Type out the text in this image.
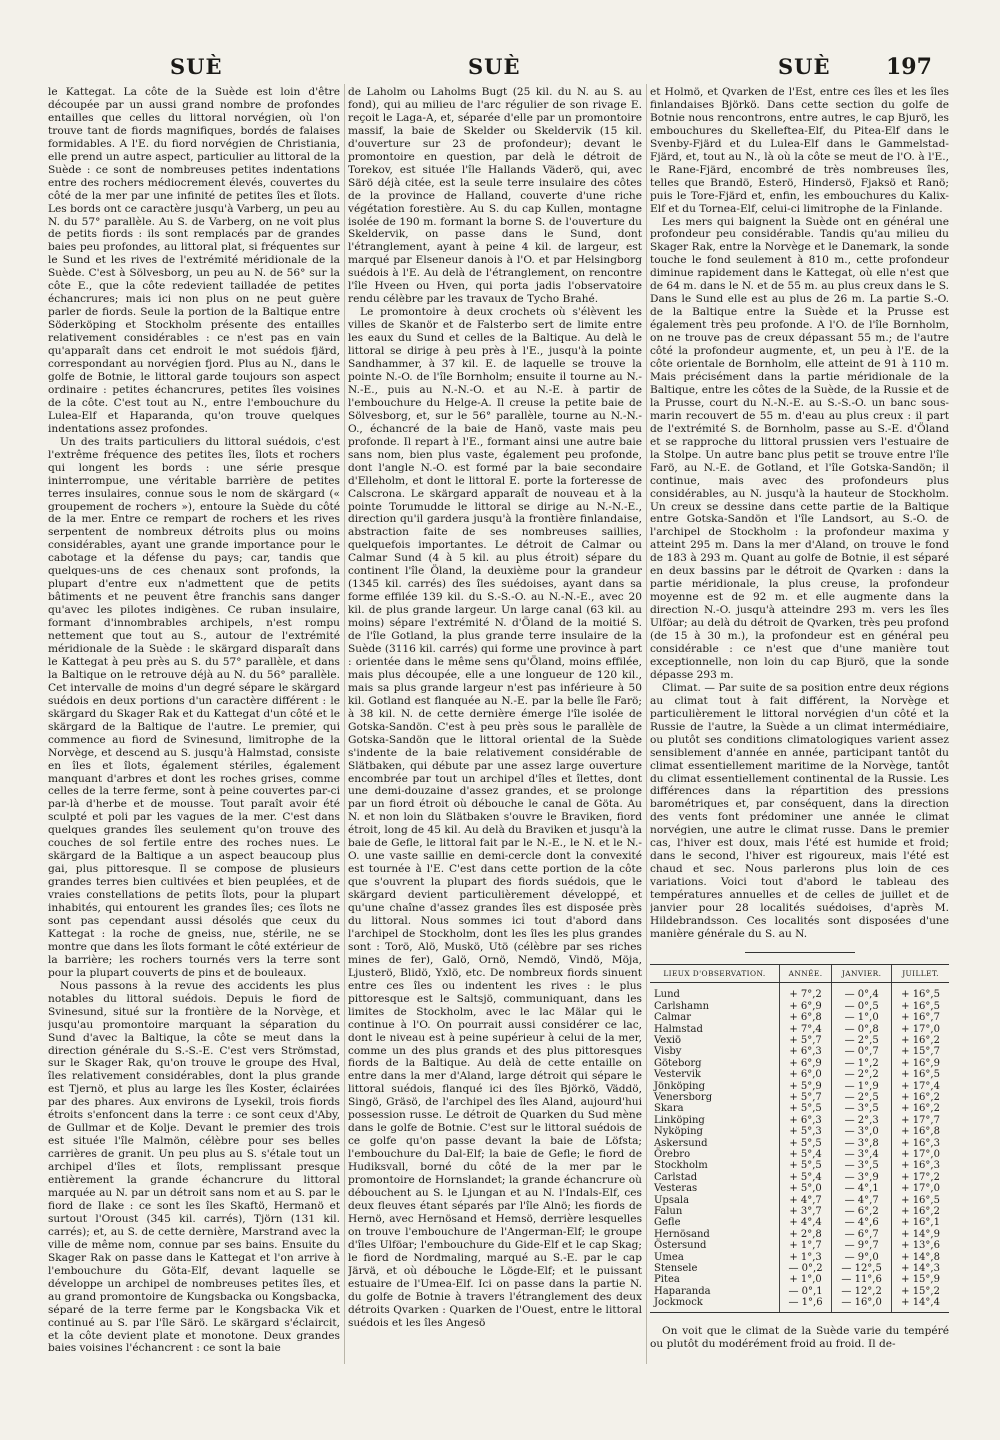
SUÈ	SUÈ	SUÈ	197

le Kattegat. La côte de la Suède est loin d'être découpée par un aussi grand nombre de profondes entailles que celles du littoral norvégien, où l'on trouve tant de fiords magnifiques, bordés de falaises formidables. A l'E. du fiord norvégien de Christiania, elle prend un autre aspect, particulier au littoral de la Suède : ce sont de nombreuses petites indentations entre des rochers médiocrement élevés, couvertes du côté de la mer par une infinité de petites îles et îlots. Les bords ont ce caractère jusqu'à Varberg, un peu au N. du 57° parallèle. Au S. de Varberg, on ne voit plus de petits fiords : ils sont remplacés par de grandes baies peu profondes, au littoral plat, si fréquentes sur le Sund et les rives de l'extrémité méridionale de la Suède. C'est à Sölvesborg, un peu au N. de 56° sur la côte E., que la côte redevient tailladée de petites échancrures; mais ici non plus on ne peut guère parler de fiords. Seule la portion de la Baltique entre Söderköping et Stockholm présente des entailles relativement considérables : ce n'est pas en vain qu'apparaît dans cet endroit le mot suédois fjärd, correspondant au norvégien fjord. Plus au N., dans le golfe de Botnie, le littoral garde toujours son aspect ordinaire : petites échancrures, petites îles voisines de la côte. C'est tout au N., entre l'embouchure du Lulea-Elf et Haparanda, qu'on trouve quelques indentations assez profondes.

Un des traits particuliers du littoral suédois, c'est l'extrême fréquence des petites îles, îlots et rochers qui longent les bords : une série presque ininterrompue, une véritable barrière de petites terres insulaires, connue sous le nom de skärgard (« groupement de rochers »), entoure la Suède du côté de la mer. Entre ce rempart de rochers et les rives serpentent de nombreux détroits plus ou moins considérables, ayant une grande importance pour le cabotage et la défense du pays; car, tandis que quelques-uns de ces chenaux sont profonds, la plupart d'entre eux n'admettent que de petits bâtiments et ne peuvent être franchis sans danger qu'avec les pilotes indigènes. Ce ruban insulaire, formant d'innombrables archipels, n'est rompu nettement que tout au S., autour de l'extrémité méridionale de la Suède : le skärgard disparaît dans le Kattegat à peu près au S. du 57° parallèle, et dans la Baltique on le retrouve déjà au N. du 56° parallèle. Cet intervalle de moins d'un degré sépare le skärgard suédois en deux portions d'un caractère différent : le skärgard du Skager Rak et du Kattegat d'un côté et le skärgard de la Baltique de l'autre. Le premier, qui commence au fiord de Svinesund, limitrophe de la Norvège, et descend au S. jusqu'à Halmstad, consiste en îles et îlots, également stériles, également manquant d'arbres et dont les roches grises, comme celles de la terre ferme, sont à peine couvertes par-ci par-là d'herbe et de mousse. Tout paraît avoir été sculpté et poli par les vagues de la mer. C'est dans quelques grandes îles seulement qu'on trouve des couches de sol fertile entre des roches nues. Le skärgard de la Baltique a un aspect beaucoup plus gai, plus pittoresque. Il se compose de plusieurs grandes terres bien cultivées et bien peuplées, et de vraies constellations de petits îlots, pour la plupart inhabités, qui entourent les grandes îles; ces îlots ne sont pas cependant aussi désolés que ceux du Kattegat : la roche de gneiss, nue, stérile, ne se montre que dans les îlots formant le côté extérieur de la barrière; les rochers tournés vers la terre sont pour la plupart couverts de pins et de bouleaux.

Nous passons à la revue des accidents les plus notables du littoral suédois. Depuis le fiord de Svinesund, situé sur la frontière de la Norvège, et jusqu'au promontoire marquant la séparation du Sund d'avec la Baltique, la côte se meut dans la direction générale du S.-S.-E. C'est vers Strömstad, sur le Skager Rak, qu'on trouve le groupe des Hval, îles relativement considérables, dont la plus grande est Tjernö, et plus au large les îles Koster, éclairées par des phares. Aux environs de Lysekil, trois fiords étroits s'enfoncent dans la terre : ce sont ceux d'Aby, de Gullmar et de Kolje. Devant le premier des trois est située l'île Malmön, célèbre pour ses belles carrières de granit. Un peu plus au S. s'étale tout un archipel d'îles et îlots, remplissant presque entièrement la grande échancrure du littoral marquée au N. par un détroit sans nom et au S. par le fiord de Ilake : ce sont les îles Skaftö, Hermanö et surtout l'Oroust (345 kil. carrés), Tjörn (131 kil. carrés); et, au S. de cette dernière, Marstrand avec la ville de même nom, connue par ses bains. Ensuite du Skager Rak on passe dans le Kattegat et l'on arrive à l'embouchure du Göta-Elf, devant laquelle se développe un archipel de nombreuses petites îles, et au grand promontoire de Kungsbacka ou Kongsbacka, séparé de la terre ferme par le Kongsbacka Vik et continué au S. par l'île Särö. Le skärgard s'éclaircit, et la côte devient plate et monotone. Deux grandes baies voisines l'échancrent : ce sont la baie

de Laholm ou Laholms Bugt (25 kil. du N. au S. au fond), qui au milieu de l'arc régulier de son rivage E. reçoit le Laga-A, et, séparée d'elle par un promontoire massif, la baie de Skelder ou Skeldervik (15 kil. d'ouverture sur 23 de profondeur); devant le promontoire en question, par delà le détroit de Torekov, est située l'île Hallands Väderö, qui, avec Särö déjà citée, est la seule terre insulaire des côtes de la province de Halland, couverte d'une riche végétation forestière. Au S. du cap Kullen, montagne isolée de 190 m. formant la borne S. de l'ouverture du Skeldervik, on passe dans le Sund, dont l'étranglement, ayant à peine 4 kil. de largeur, est marqué par Elseneur danois à l'O. et par Helsingborg suédois à l'E. Au delà de l'étranglement, on rencontre l'île Hveen ou Hven, qui porta jadis l'observatoire rendu célèbre par les travaux de Tycho Brahé.

Le promontoire à deux crochets où s'élèvent les villes de Skanör et de Falsterbo sert de limite entre les eaux du Sund et celles de la Baltique. Au delà le littoral se dirige à peu près à l'E., jusqu'à la pointe Sandhammer, à 37 kil. E. de laquelle se trouve la pointe N.-O. de l'île Bornholm; ensuite il tourne au N.-N.-E., puis au N.-N.-O. et au N.-E. à partir de l'embouchure du Helge-A. Il creuse la petite baie de Sölvesborg, et, sur le 56° parallèle, tourne au N.-N.-O., échancré de la baie de Hanö, vaste mais peu profonde. Il repart à l'E., formant ainsi une autre baie sans nom, bien plus vaste, également peu profonde, dont l'angle N.-O. est formé par la baie secondaire d'Elleholm, et dont le littoral E. porte la forteresse de Calscrona. Le skärgard apparaît de nouveau et à la pointe Torumudde le littoral se dirige au N.-N.-E., direction qu'il gardera jusqu'à la frontière finlandaise, abstraction faite de ses nombreuses saillies, quelquefois importantes. Le détroit de Calmar ou Calmar Sund (4 à 5 kil. au plus étroit) sépare du continent l'île Öland, la deuxième pour la grandeur (1345 kil. carrés) des îles suédoises, ayant dans sa forme effilée 139 kil. du S.-S.-O. au N.-N.-E., avec 20 kil. de plus grande largeur. Un large canal (63 kil. au moins) sépare l'extrémité N. d'Öland de la moitié S. de l'île Gotland, la plus grande terre insulaire de la Suède (3116 kil. carrés) qui forme une province à part : orientée dans le même sens qu'Öland, moins effilée, mais plus découpée, elle a une longueur de 120 kil., mais sa plus grande largeur n'est pas inférieure à 50 kil. Gotland est flanquée au N.-E. par la belle île Farö; à 38 kil. N. de cette dernière émerge l'île isolée de Gotska-Sandön. C'est à peu près sous le parallèle de Gotska-Sandön que le littoral oriental de la Suède s'indente de la baie relativement considérable de Slätbaken, qui débute par une assez large ouverture encombrée par tout un archipel d'îles et îlettes, dont une demi-douzaine d'assez grandes, et se prolonge par un fiord étroit où débouche le canal de Göta. Au N. et non loin du Slätbaken s'ouvre le Braviken, fiord étroit, long de 45 kil. Au delà du Braviken et jusqu'à la baie de Gefle, le littoral fait par le N.-E., le N. et le N.-O. une vaste saillie en demi-cercle dont la convexité est tournée à l'E. C'est dans cette portion de la côte que s'ouvrent la plupart des fiords suédois, que le skärgard devient particulièrement développé, et qu'une chaîne d'assez grandes îles est disposée près du littoral. Nous sommes ici tout d'abord dans l'archipel de Stockholm, dont les îles les plus grandes sont : Torö, Alö, Muskö, Utö (célèbre par ses riches mines de fer), Galö, Ornö, Nemdö, Vindö, Möja, Ljusterö, Blidö, Yxlö, etc. De nombreux fiords sinuent entre ces îles ou indentent les rives : le plus pittoresque est le Saltsjö, communiquant, dans les limites de Stockholm, avec le lac Mälar qui le continue à l'O. On pourrait aussi considérer ce lac, dont le niveau est à peine supérieur à celui de la mer, comme un des plus grands et des plus pittoresques fiords de la Baltique. Au delà de cette entaille on entre dans la mer d'Aland, large détroit qui sépare le littoral suédois, flanqué ici des îles Björkö, Väddö, Singö, Gräsö, de l'archipel des îles Aland, aujourd'hui possession russe. Le détroit de Quarken du Sud mène dans le golfe de Botnie. C'est sur le littoral suédois de ce golfe qu'on passe devant la baie de Löfsta; l'embouchure du Dal-Elf; la baie de Gefle; le fiord de Hudiksvall, borné du côté de la mer par le promontoire de Hornslandet; la grande échancrure où débouchent au S. le Ljungan et au N. l'Indals-Elf, ces deux fleuves étant séparés par l'île Alnö; les fiords de Hernö, avec Hernösand et Hemsö, derrière lesquelles on trouve l'embouchure de l'Angerman-Elf; le groupe d'îles Ulföar; l'embouchure du Gide-Elf et le cap Skag; le fiord de Nordmaling, marqué au S.-E. par le cap Järvä, et où débouche le Lögde-Elf; et le puissant estuaire de l'Umea-Elf. Ici on passe dans la partie N. du golfe de Botnie à travers l'étranglement des deux détroits Qvarken : Quarken de l'Ouest, entre le littoral suédois et les îles Angesö

et Holmö, et Qvarken de l'Est, entre ces îles et les îles finlandaises Björkö. Dans cette section du golfe de Botnie nous rencontrons, entre autres, le cap Bjurö, les embouchures du Skelleftea-Elf, du Pitea-Elf dans le Svenby-Fjärd et du Lulea-Elf dans le Gammelstad-Fjärd, et, tout au N., là où la côte se meut de l'O. à l'E., le Rane-Fjärd, encombré de très nombreuses îles, telles que Brandö, Esterö, Hindersö, Fjaksö et Ranö; puis le Tore-Fjärd et, enfin, les embouchures du Kalix-Elf et du Tornea-Elf, celui-ci limitrophe de la Finlande.

Les mers qui baignent la Suède ont en général une profondeur peu considérable. Tandis qu'au milieu du Skager Rak, entre la Norvège et le Danemark, la sonde touche le fond seulement à 810 m., cette profondeur diminue rapidement dans le Kattegat, où elle n'est que de 64 m. dans le N. et de 55 m. au plus creux dans le S. Dans le Sund elle est au plus de 26 m. La partie S.-O. de la Baltique entre la Suède et la Prusse est également très peu profonde. A l'O. de l'île Bornholm, on ne trouve pas de creux dépassant 55 m.; de l'autre côté la profondeur augmente, et, un peu à l'E. de la côte orientale de Bornholm, elle atteint de 91 à 110 m. Mais précisément dans la partie méridionale de la Baltique, entre les côtes de la Suède, de la Russie et de la Prusse, court du N.-N.-E. au S.-S.-O. un banc sous-marin recouvert de 55 m. d'eau au plus creux : il part de l'extrémité S. de Bornholm, passe au S.-E. d'Öland et se rapproche du littoral prussien vers l'estuaire de la Stolpe. Un autre banc plus petit se trouve entre l'île Farö, au N.-E. de Gotland, et l'île Gotska-Sandön; il continue, mais avec des profondeurs plus considérables, au N. jusqu'à la hauteur de Stockholm. Un creux se dessine dans cette partie de la Baltique entre Gotska-Sandön et l'île Landsort, au S.-O. de l'archipel de Stockholm : la profondeur maxima y atteint 295 m. Dans la mer d'Aland, on trouve le fond de 183 à 293 m. Quant au golfe de Botnie, il est séparé en deux bassins par le détroit de Qvarken : dans la partie méridionale, la plus creuse, la profondeur moyenne est de 92 m. et elle augmente dans la direction N.-O. jusqu'à atteindre 293 m. vers les îles Ulföar; au delà du détroit de Qvarken, très peu profond (de 15 à 30 m.), la profondeur est en général peu considérable : ce n'est que d'une manière tout exceptionnelle, non loin du cap Bjurö, que la sonde dépasse 293 m.

Climat. — Par suite de sa position entre deux régions au climat tout à fait différent, la Norvège et particulièrement le littoral norvégien d'un côté et la Russie de l'autre, la Suède a un climat intermédiaire, ou plutôt ses conditions climatologiques varient assez sensiblement d'année en année, participant tantôt du climat essentiellement maritime de la Norvège, tantôt du climat essentiellement continental de la Russie. Les différences dans la répartition des pressions barométriques et, par conséquent, dans la direction des vents font prédominer une année le climat norvégien, une autre le climat russe. Dans le premier cas, l'hiver est doux, mais l'été est humide et froid; dans le second, l'hiver est rigoureux, mais l'été est chaud et sec. Nous parlerons plus loin de ces variations. Voici tout d'abord le tableau des températures annuelles et de celles de juillet et de janvier pour 28 localités suédoises, d'après M. Hildebrandsson. Ces localités sont disposées d'une manière générale du S. au N.

LIEUX D'OBSERVATION.	ANNÉE.	JANVIER.	JUILLET.
Lund	+ 7°,2	— 0°,4	+ 16°,5
Carlshamn	+ 6°,9	— 0°,5	+ 16°,5
Calmar	+ 6°,8	— 1°,0	+ 16°,7
Halmstad	+ 7°,4	— 0°,8	+ 17°,0
Vexiö	+ 5°,7	— 2°,5	+ 16°,2
Visby	+ 6°,3	— 0°,7	+ 15°,7
Göteborg	+ 6°,9	— 1°,2	+ 16°,9
Vestervik	+ 6°,0	— 2°,2	+ 16°,5
Jönköping	+ 5°,9	— 1°,9	+ 17°,4
Venersborg	+ 5°,7	— 2°,5	+ 16°,2
Skara	+ 5°,5	— 3°,5	+ 16°,2
Linköping	+ 6°,3	— 2°,3	+ 17°,7
Nyköping	+ 5°,3	— 3°,0	+ 16°,8
Askersund	+ 5°,5	— 3°,8	+ 16°,3
Örebro	+ 5°,4	— 3°,4	+ 17°,0
Stockholm	+ 5°,5	— 3°,5	+ 16°,3
Carlstad	+ 5°,4	— 3°,9	+ 17°,2
Vesteras	+ 5°,0	— 4°,1	+ 17°,0
Upsala	+ 4°,7	— 4°,7	+ 16°,5
Falun	+ 3°,7	— 6°,2	+ 16°,2
Gefle	+ 4°,4	— 4°,6	+ 16°,1
Hernösand	+ 2°,8	— 6°,7	+ 14°,9
Östersund	+ 1°,7	— 9°,7	+ 13°,6
Umea	+ 1°,3	— 9°,0	+ 14°,8
Stensele	— 0°,2	— 12°,5	+ 14°,3
Pitea	+ 1°,0	— 11°,6	+ 15°,9
Haparanda	— 0°,1	— 12°,2	+ 15°,2
Jockmock	— 1°,6	— 16°,0	+ 14°,4

On voit que le climat de la Suède varie du tempéré ou plutôt du modérément froid au froid. Il de-
